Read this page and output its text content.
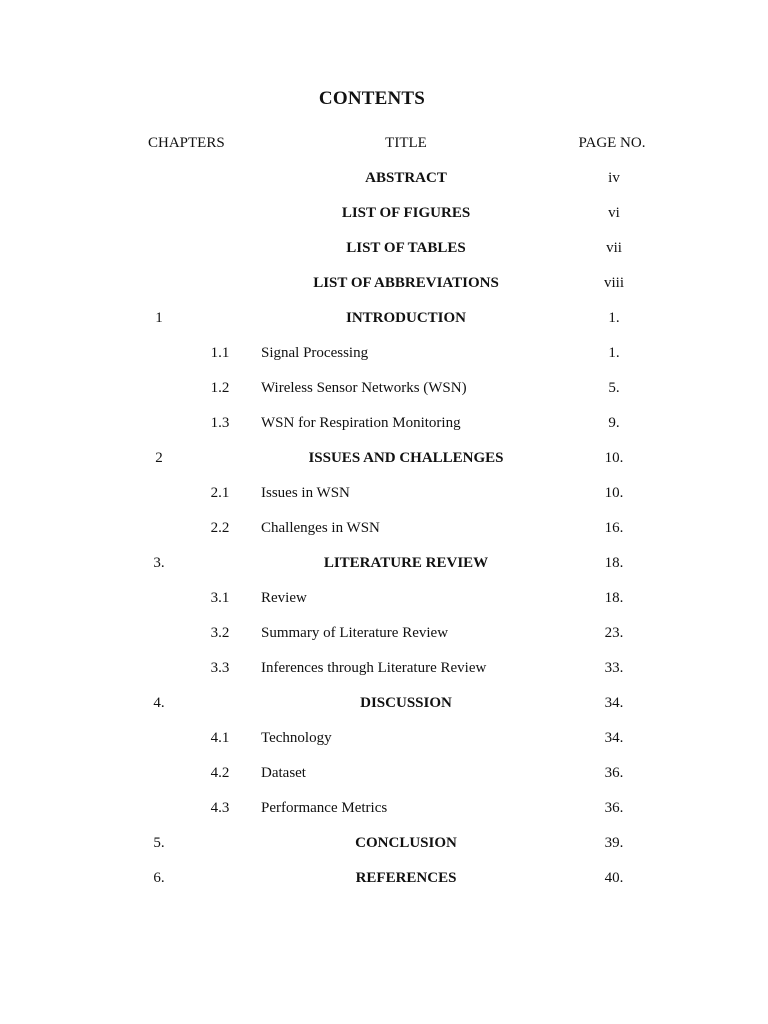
CONTENTS
CHAPTERS	TITLE	PAGE NO.
ABSTRACT	iv
LIST OF FIGURES	vi
LIST OF TABLES	vii
LIST OF ABBREVIATIONS	viii
1	INTRODUCTION	1.
1.1	Signal Processing	1.
1.2	Wireless Sensor Networks (WSN)	5.
1.3	WSN for Respiration Monitoring	9.
2	ISSUES AND CHALLENGES	10.
2.1	Issues in WSN	10.
2.2	Challenges in WSN	16.
3.	LITERATURE REVIEW	18.
3.1	Review	18.
3.2	Summary of Literature Review	23.
3.3	Inferences through Literature Review	33.
4.	DISCUSSION	34.
4.1	Technology	34.
4.2	Dataset	36.
4.3	Performance Metrics	36.
5.	CONCLUSION	39.
6.	REFERENCES	40.
